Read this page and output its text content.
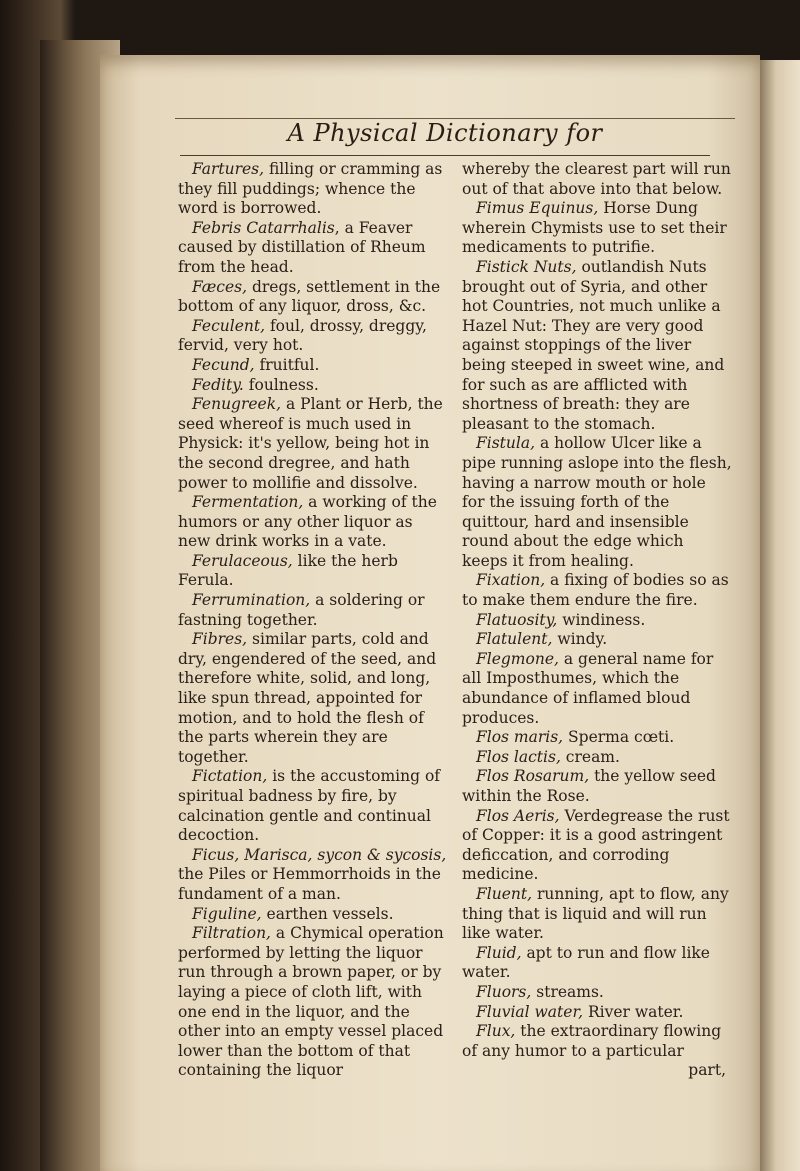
A Physical Dictionary for

Fartures, filling or cramming as they fill puddings; whence the word is borrowed.

Febris Catarrhalis, a Feaver caused by distillation of Rheum from the head.

Fæces, dregs, settlement in the bottom of any liquor, dross, &c.

Feculent, foul, drossy, dreggy, fervid, very hot.

Fecund, fruitful.

Fedity. foulness.

Fenugreek, a Plant or Herb, the seed whereof is much used in Physick: it's yellow, being hot in the second dregree, and hath power to mollifie and dissolve.

Fermentation, a working of the humors or any other liquor as new drink works in a vate.

Ferulaceous, like the herb Ferula.

Ferrumination, a soldering or fastning together.

Fibres, similar parts, cold and dry, engendered of the seed, and therefore white, solid, and long, like spun thread, appointed for motion, and to hold the flesh of the parts wherein they are together.

Fictation, is the accustoming of spiritual badness by fire, by calcination gentle and continual decoction.

Ficus, Marisca, sycon & sycosis, the Piles or Hemmorrhoids in the fundament of a man.

Figuline, earthen vessels.

Filtration, a Chymical operation performed by letting the liquor run through a brown paper, or by laying a piece of cloth lift, with one end in the liquor, and the other into an empty vessel placed lower than the bottom of that containing the liquor

whereby the clearest part will run out of that above into that below.

Fimus Equinus, Horse Dung wherein Chymists use to set their medicaments to putrifie.

Fistick Nuts, outlandish Nuts brought out of Syria, and other hot Countries, not much unlike a Hazel Nut: They are very good against stoppings of the liver being steeped in sweet wine, and for such as are afflicted with shortness of breath: they are pleasant to the stomach.

Fistula, a hollow Ulcer like a pipe running aslope into the flesh, having a narrow mouth or hole for the issuing forth of the quittour, hard and insensible round about the edge which keeps it from healing.

Fixation, a fixing of bodies so as to make them endure the fire.

Flatuosity, windiness.

Flatulent, windy.

Flegmone, a general name for all Imposthumes, which the abundance of inflamed bloud produces.

Flos maris, Sperma cœti.

Flos lactis, cream.

Flos Rosarum, the yellow seed within the Rose.

Flos Aeris, Verdegrease the rust of Copper: it is a good astringent deficcation, and corroding medicine.

Fluent, running, apt to flow, any thing that is liquid and will run like water.

Fluid, apt to run and flow like water.

Fluors, streams.

Fluvial water, River water.

Flux, the extraordinary flowing of any humor to a particular

part,
